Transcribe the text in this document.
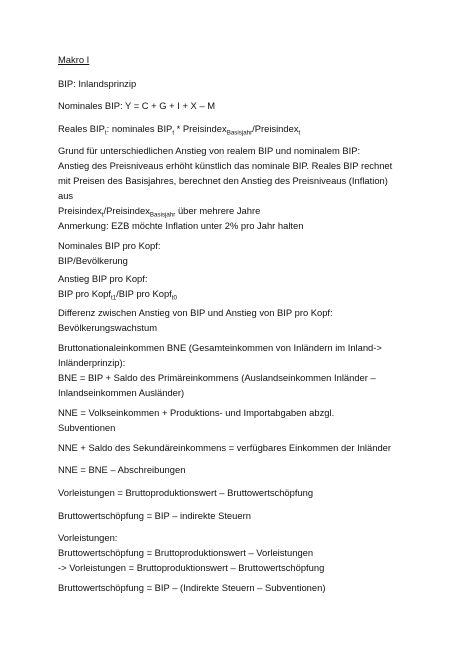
Makro I
BIP: Inlandsprinzip
Nominales BIP: Y = C + G + I + X – M
Reales $BIP_t$: nominales $BIP_t$ * Preisindex$_{Basisjahr}$/Preisindex$_t$
Grund für unterschiedlichen Anstieg von realem BIP und nominalem BIP:
Anstieg des Preisniveaus erhöht künstlich das nominale BIP. Reales BIP rechnet
mit Preisen des Basisjahres, berechnet den Anstieg des Preisniveaus (Inflation)
aus
Preisindex$_t$/Preisindex$_{Basisjahr}$ über mehrere Jahre
Anmerkung: EZB möchte Inflation unter 2% pro Jahr halten
Nominales BIP pro Kopf:
BIP/Bevölkerung
Anstieg BIP pro Kopf:
BIP pro Kopf$_{t1}$/BIP pro Kopf$_{t0}$
Differenz zwischen Anstieg von BIP und Anstieg von BIP pro Kopf:
Bevölkerungswachstum
Bruttonationaleinkommen BNE (Gesamteinkommen von Inländern im Inland->
Inländerprinzip):
BNE = BIP + Saldo des Primäreinkommens (Auslandseinkommen Inländer –
Inlandseinkommen Ausländer)
NNE = Volkseinkommen + Produktions- und Importabgaben abzgl.
Subventionen
NNE + Saldo des Sekundäreinkommens = verfügbares Einkommen der Inländer
NNE = BNE – Abschreibungen
Vorleistungen = Bruttoproduktionswert – Bruttowertschöpfung
Bruttowertschöpfung = BIP – indirekte Steuern
Vorleistungen:
Bruttowertschöpfung = Bruttoproduktionswert – Vorleistungen
-> Vorleistungen = Bruttoproduktionswert – Bruttowertschöpfung
Bruttowertschöpfung = BIP – (Indirekte Steuern – Subventionen)
